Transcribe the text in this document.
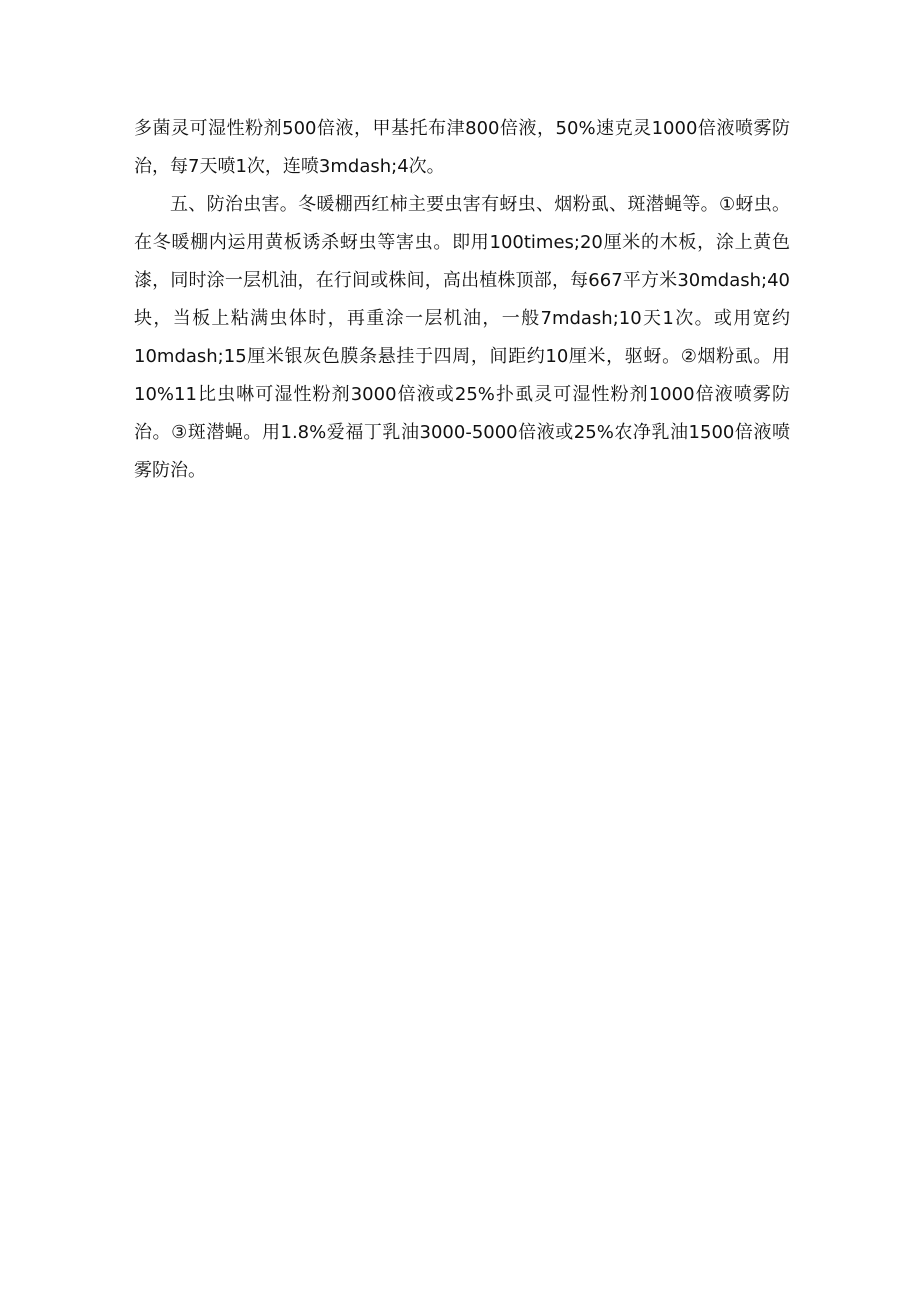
多菌灵可湿性粉剂500倍液，甲基托布津800倍液，50%速克灵1000倍液喷雾防治，每7天喷1次，连喷3mdash;4次。

五、防治虫害。冬暖棚西红柿主要虫害有蚜虫、烟粉虱、斑潜蝇等。①蚜虫。在冬暖棚内运用黄板诱杀蚜虫等害虫。即用100times;20厘米的木板，涂上黄色漆，同时涂一层机油，在行间或株间，高出植株顶部，每667平方米30mdash;40块，当板上粘满虫体时，再重涂一层机油，一般7mdash;10天1次。或用宽约10mdash;15厘米银灰色膜条悬挂于四周，间距约10厘米，驱蚜。②烟粉虱。用10%11比虫啉可湿性粉剂3000倍液或25%扑虱灵可湿性粉剂1000倍液喷雾防治。③斑潜蝇。用1.8%爱福丁乳油3000-5000倍液或25%农净乳油1500倍液喷雾防治。
